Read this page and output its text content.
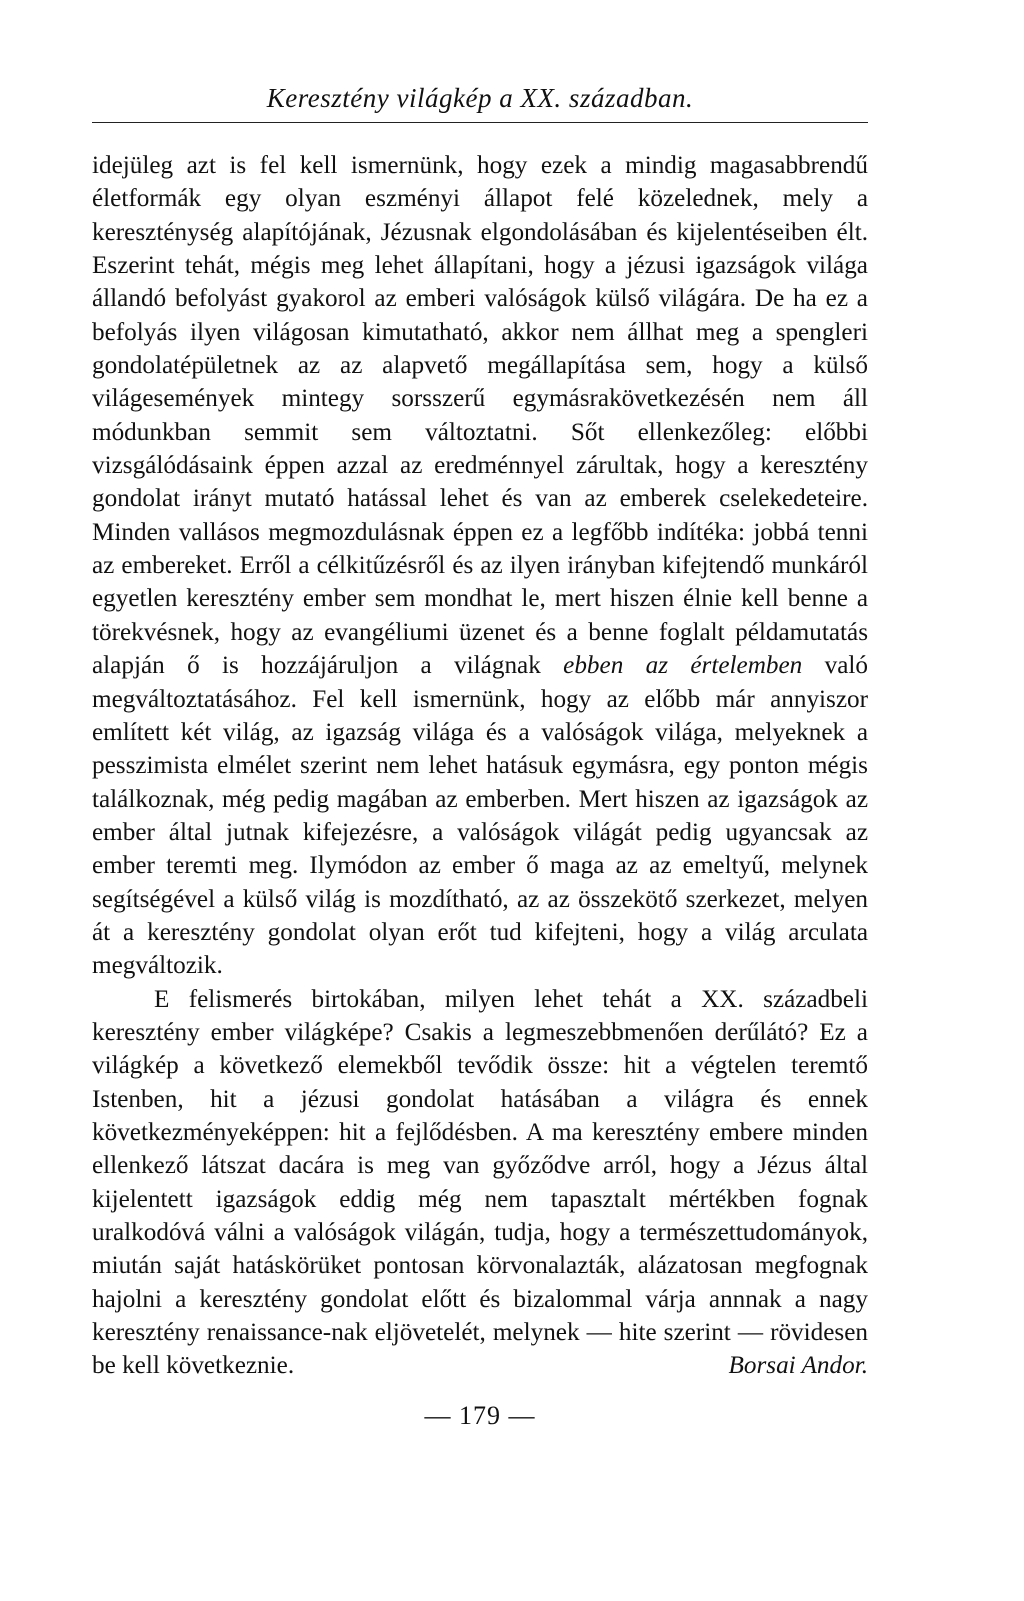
Keresztény világkép a XX. században.

idejüleg azt is fel kell ismernünk, hogy ezek a mindig magasabbrendű életformák egy olyan eszményi állapot felé közelednek, mely a kereszténység alapítójának, Jézusnak elgondolásában és kijelentéseiben élt. Eszerint tehát, mégis meg lehet állapítani, hogy a jézusi igazságok világa állandó befolyást gyakorol az emberi valóságok külső világára. De ha ez a befolyás ilyen világosan kimutatható, akkor nem állhat meg a spengleri gondolatépületnek az az alapvető megállapítása sem, hogy a külső világesemények mintegy sorsszerű egymásrakövetkezésén nem áll módunkban semmit sem változtatni. Sőt ellenkezőleg: előbbi vizsgálódásaink éppen azzal az eredménnyel zárultak, hogy a keresztény gondolat irányt mutató hatással lehet és van az emberek cselekedeteire. Minden vallásos megmozdulásnak éppen ez a legfőbb indítéka: jobbá tenni az embereket. Erről a célkitűzésről és az ilyen irányban kifejtendő munkáról egyetlen keresztény ember sem mondhat le, mert hiszen élnie kell benne a törekvésnek, hogy az evangéliumi üzenet és a benne foglalt példamutatás alapján ő is hozzájáruljon a világnak ebben az értelemben való megváltoztatásához. Fel kell ismernünk, hogy az előbb már annyiszor említett két világ, az igazság világa és a valóságok világa, melyeknek a pesszimista elmélet szerint nem lehet hatásuk egymásra, egy ponton mégis találkoznak, még pedig magában az emberben. Mert hiszen az igazságok az ember által jutnak kifejezésre, a valóságok világát pedig ugyancsak az ember teremti meg. Ilymódon az ember ő maga az az emeltyű, melynek segítségével a külső világ is mozdítható, az az összekötő szerkezet, melyen át a keresztény gondolat olyan erőt tud kifejteni, hogy a világ arculata megváltozik.

E felismerés birtokában, milyen lehet tehát a XX. századbeli keresztény ember világképe? Csakis a legmeszebbmenően derűlátó? Ez a világkép a következő elemekből tevődik össze: hit a végtelen teremtő Istenben, hit a jézusi gondolat hatásában a világra és ennek következményeképpen: hit a fejlődésben. A ma keresztény embere minden ellenkező látszat dacára is meg van győződve arról, hogy a Jézus által kijelentett igazságok eddig még nem tapasztalt mértékben fognak uralkodóvá válni a valóságok világán, tudja, hogy a természettudományok, miután saját hatáskörüket pontosan körvonalazták, alázatosan megfognak hajolni a keresztény gondolat előtt és bizalommal várja annnak a nagy keresztény renaissance-nak eljövetelét, melynek — hite szerint — rövidesen be kell következnie.	Borsai Andor.

— 179 —
